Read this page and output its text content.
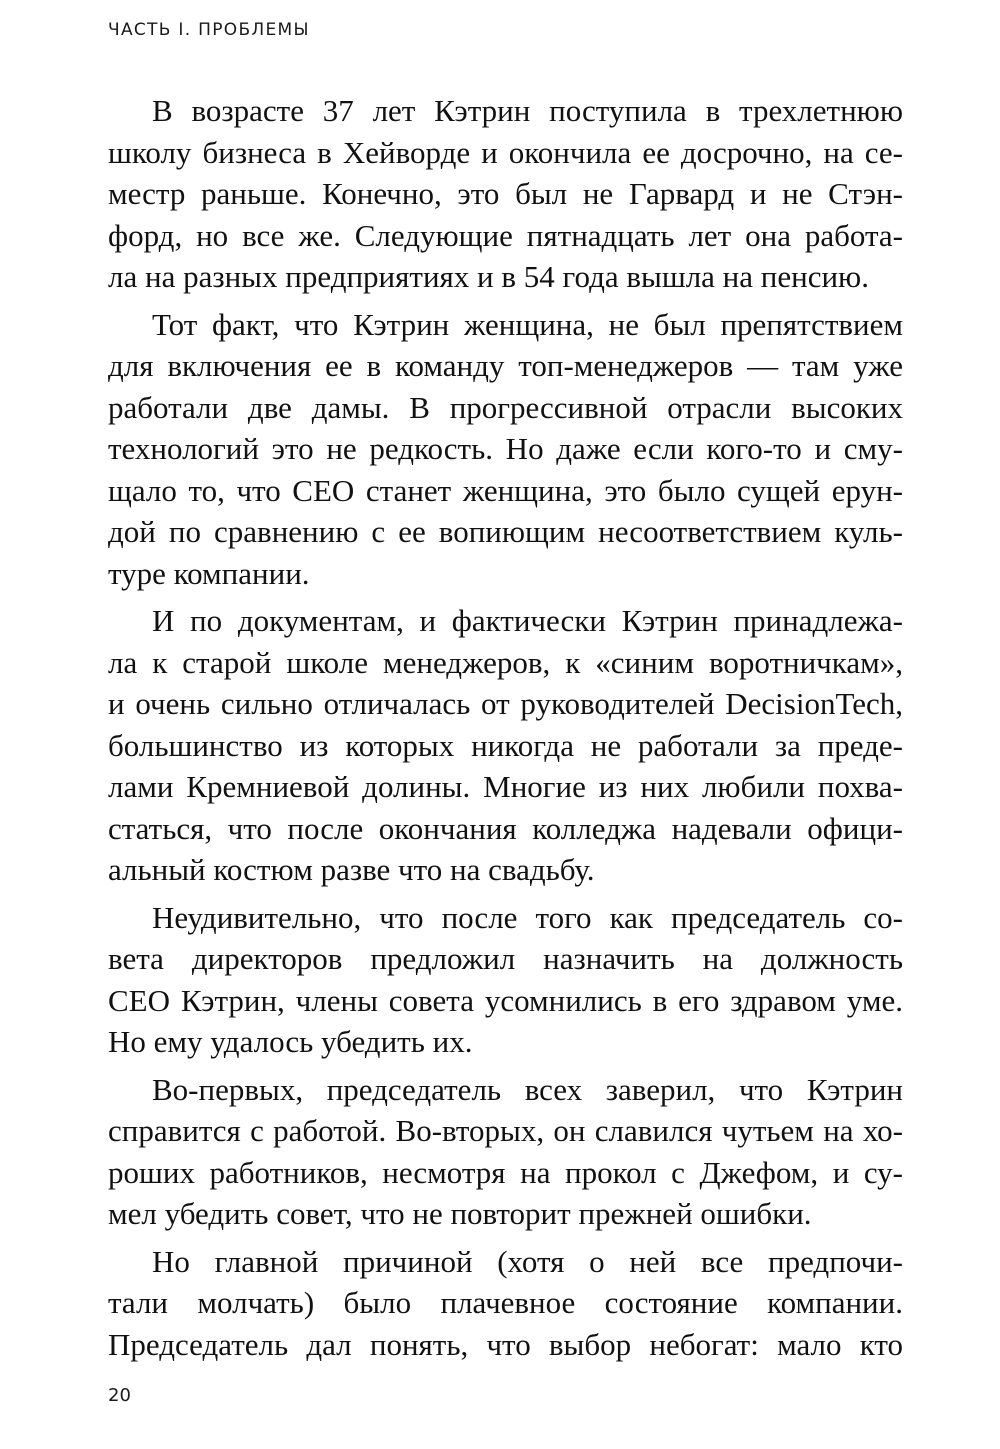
ЧАСТЬ I. ПРОБЛЕМЫ
В возрасте 37 лет Кэтрин поступила в трехлетнюю
школу бизнеса в Хейворде и окончила ее досрочно, на се-
местр раньше. Конечно, это был не Гарвард и не Стэн-
форд, но все же. Следующие пятнадцать лет она работа-
ла на разных предприятиях и в 54 года вышла на пенсию.
Тот факт, что Кэтрин женщина, не был препятствием
для включения ее в команду топ-менеджеров — там уже
работали две дамы. В прогрессивной отрасли высоких
технологий это не редкость. Но даже если кого-то и сму-
щало то, что CEO станет женщина, это было сущей ерун-
дой по сравнению с ее вопиющим несоответствием куль-
туре компании.
И по документам, и фактически Кэтрин принадлежа-
ла к старой школе менеджеров, к «синим воротничкам»,
и очень сильно отличалась от руководителей DecisionTech,
большинство из которых никогда не работали за преде-
лами Кремниевой долины. Многие из них любили похва-
статься, что после окончания колледжа надевали офици-
альный костюм разве что на свадьбу.
Неудивительно, что после того как председатель со-
вета директоров предложил назначить на должность
CEO Кэтрин, члены совета усомнились в его здравом уме.
Но ему удалось убедить их.
Во-первых, председатель всех заверил, что Кэтрин
справится с работой. Во-вторых, он славился чутьем на хо-
роших работников, несмотря на прокол с Джефом, и су-
мел убедить совет, что не повторит прежней ошибки.
Но главной причиной (хотя о ней все предпочи-
тали молчать) было плачевное состояние компании.
Председатель дал понять, что выбор небогат: мало кто
20
